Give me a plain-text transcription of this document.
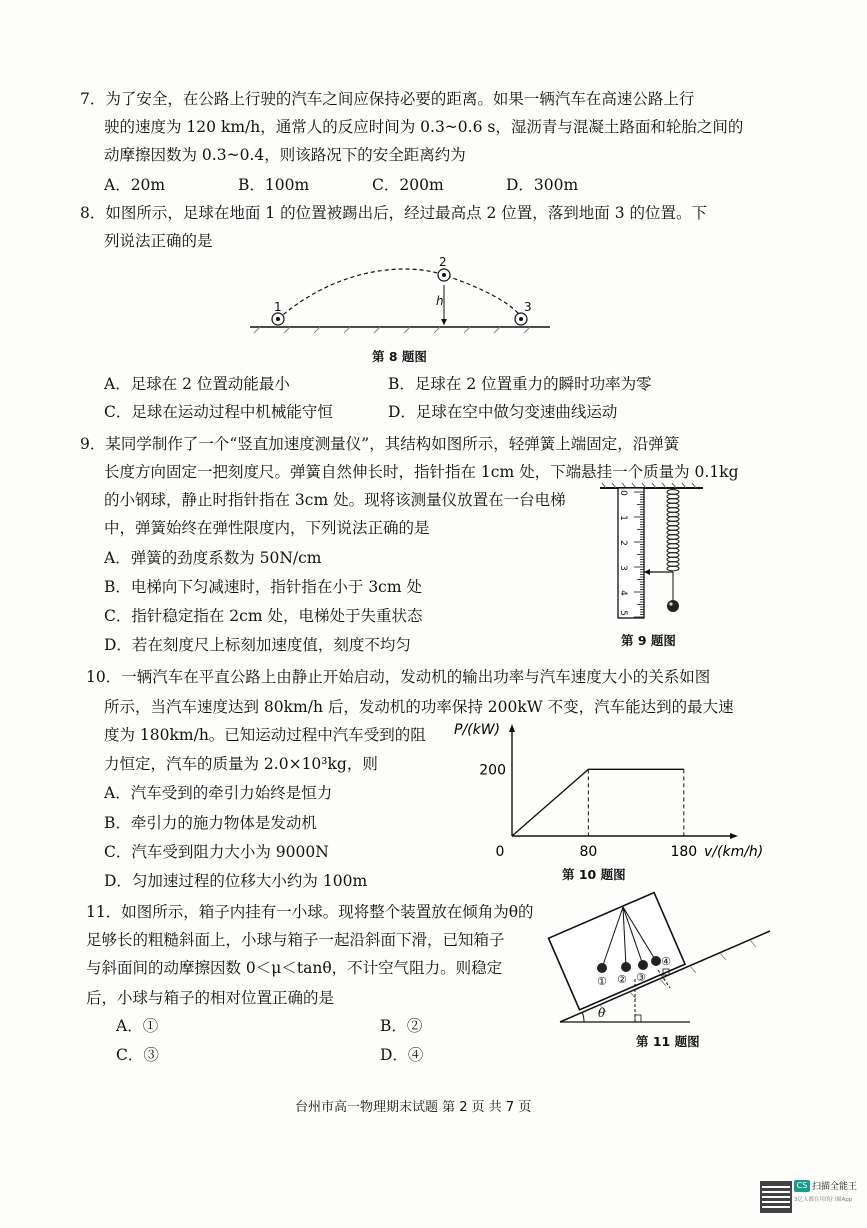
7．为了安全，在公路上行驶的汽车之间应保持必要的距离。如果一辆汽车在高速公路上行
驶的速度为 120 km/h，通常人的反应时间为 0.3~0.6 s，湿沥青与混凝土路面和轮胎之间的
动摩擦因数为 0.3~0.4，则该路况下的安全距离约为
A．20m	B．100m	C．200m	D．300m
8．如图所示，足球在地面 1 的位置被踢出后，经过最高点 2 位置，落到地面 3 的位置。下
列说法正确的是
1
2
3
h
第 8 题图
A．足球在 2 位置动能最小	B．足球在 2 位置重力的瞬时功率为零
C．足球在运动过程中机械能守恒	D．足球在空中做匀变速曲线运动
9．某同学制作了一个“竖直加速度测量仪”，其结构如图所示，轻弹簧上端固定，沿弹簧
长度方向固定一把刻度尺。弹簧自然伸长时，指针指在 1cm 处，下端悬挂一个质量为 0.1kg
的小钢球，静止时指针指在 3cm 处。现将该测量仪放置在一台电梯
中，弹簧始终在弹性限度内，下列说法正确的是
A．弹簧的劲度系数为 50N/cm
B．电梯向下匀减速时，指针指在小于 3cm 处
C．指针稳定指在 2cm 处，电梯处于失重状态
D．若在刻度尺上标刻加速度值，刻度不均匀
0
1
2
3
4
5
第 9 题图
10．一辆汽车在平直公路上由静止开始启动，发动机的输出功率与汽车速度大小的关系如图
所示，当汽车速度达到 80km/h 后，发动机的功率保持 200kW 不变，汽车能达到的最大速
度为 180km/h。已知运动过程中汽车受到的阻
力恒定，汽车的质量为 2.0×10³kg，则
A．汽车受到的牵引力始终是恒力
B．牵引力的施力物体是发动机
C．汽车受到阻力大小为 9000N
D．匀加速过程的位移大小约为 100m
0	80	180
200
v/(km/h)
P/(kW)
第 10 题图
11．如图所示，箱子内挂有一小球。现将整个装置放在倾角为θ的
足够长的粗糙斜面上，小球与箱子一起沿斜面下滑，已知箱子
与斜面间的动摩擦因数 0＜μ＜tanθ，不计空气阻力。则稳定
后，小球与箱子的相对位置正确的是
A．①	B．②
C．③	D．④
① ② ③
④
θ
第 11 题图
台州市高一物理期末试题 第 2 页 共 7 页
CS 扫描全能王
3亿人都在用的扫描App
